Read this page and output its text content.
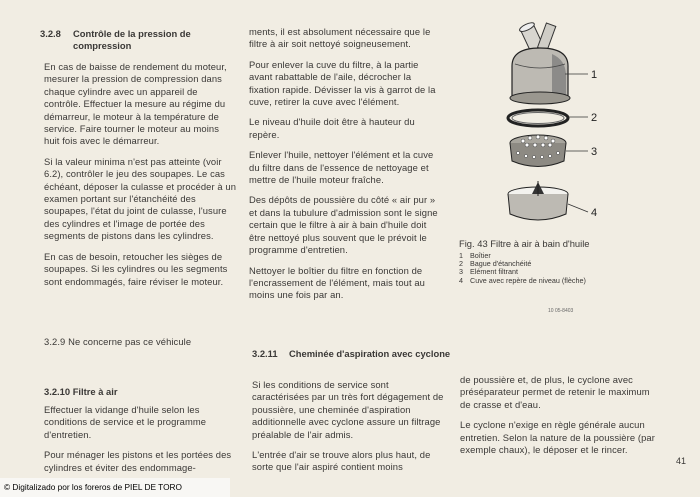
3.2.8	Contrôle de la pression de compression

En cas de baisse de rendement du moteur, mesurer la pression de compression dans chaque cylindre avec un appareil de contrôle. Effectuer la mesure au régime du démarreur, le moteur à la température de service. Faire tourner le moteur au moins huit fois avec le démarreur.

Si la valeur minima n'est pas atteinte (voir 6.2), contrôler le jeu des soupapes. Le cas échéant, déposer la culasse et procéder à un examen portant sur l'étanchéité des soupapes, l'état du joint de culasse, l'usure des cylindres et l'image de portée des segments de pistons dans les cylindres.

En cas de besoin, retoucher les sièges de soupapes. Si les cylindres ou les segments sont endommagés, faire réviser le moteur.

3.2.9 Ne concerne pas ce véhicule
3.2.10 Filtre à air

Effectuer la vidange d'huile selon les conditions de service et le programme d'entretien.

Pour ménager les pistons et les portées des cylindres et éviter des endommage-

ments, il est absolument nécessaire que le filtre à air soit nettoyé soigneusement.

Pour enlever la cuve du filtre, à la partie avant rabattable de l'aile, décrocher la fixation rapide. Dévisser la vis à garrot de la cuve, retirer la cuve avec l'élément.

Le niveau d'huile doit être à hauteur du repère.

Enlever l'huile, nettoyer l'élément et la cuve du filtre dans de l'essence de nettoyage et mettre de l'huile moteur fraîche.

Des dépôts de poussière du côté « air pur » et dans la tubulure d'admission sont le signe certain que le filtre à air à bain d'huile doit être nettoyé plus souvent que le prévoit le programme d'entretien.

Nettoyer le boîtier du filtre en fonction de l'encrassement de l'élément, mais tout au moins une fois par an.

3.2.11	Cheminée d'aspiration avec cyclone

Si les conditions de service sont caractérisées par un très fort dégagement de poussière, une cheminée d'aspiration additionnelle avec cyclone assure un filtrage préalable de l'air admis.

L'entrée d'air se trouve alors plus haut, de sorte que l'air aspiré contient moins

de poussière et, de plus, le cyclone avec préséparateur permet de retenir le maximum de crasse et d'eau.

Le cyclone n'exige en règle générale aucun entretien. Selon la nature de la poussière (par exemple chaux), le déposer et le rincer.

1
2
3
4
Fig. 43 Filtre à air à bain d'huile
1 Boîtier
2 Bague d'étanchéité
3 Elément filtrant
4 Cuve avec repère de niveau (flèche)
10 05-8403
41
© Digitalizado por los foreros de PIEL DE TORO
